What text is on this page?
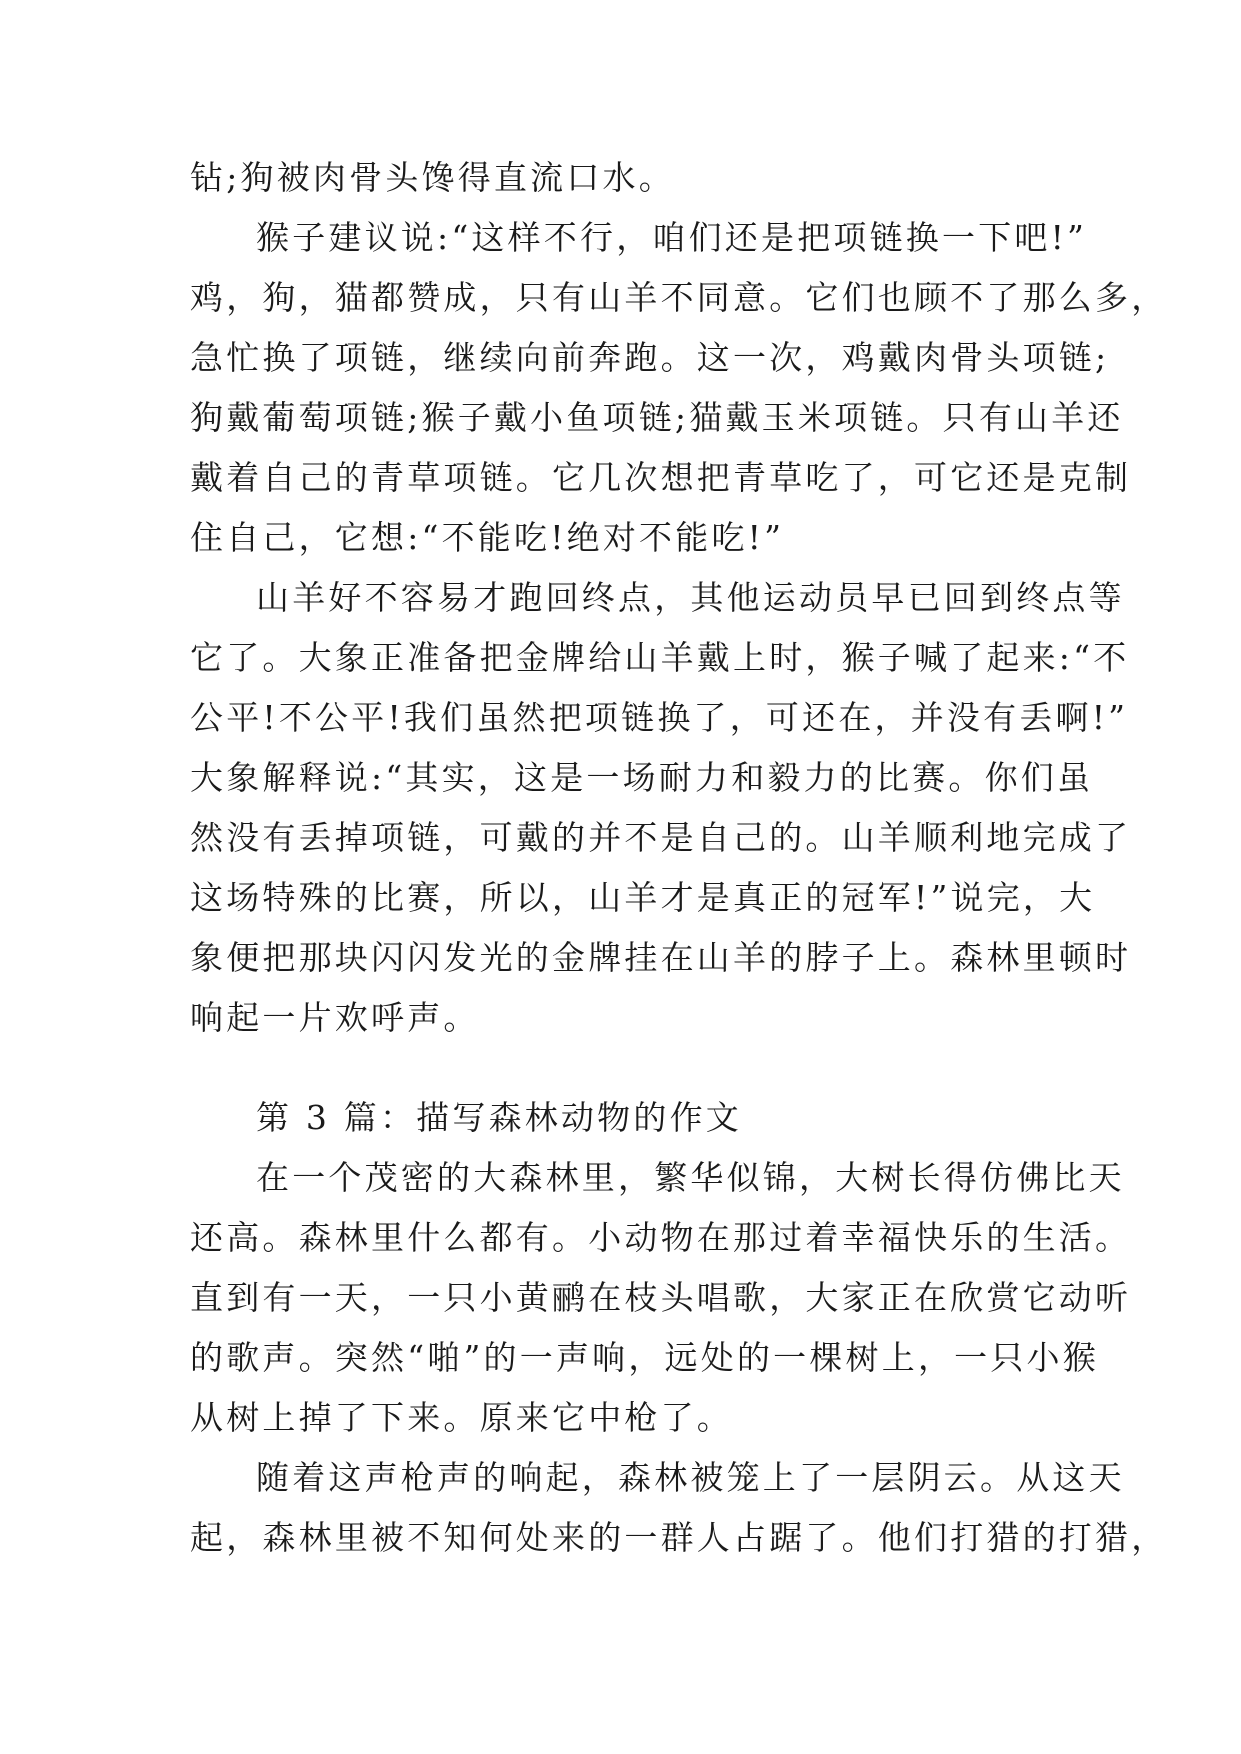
钻;狗被肉骨头馋得直流口水。
猴子建议说:“这样不行，咱们还是把项链换一下吧!”
鸡，狗，猫都赞成，只有山羊不同意。它们也顾不了那么多，
急忙换了项链，继续向前奔跑。这一次，鸡戴肉骨头项链;
狗戴葡萄项链;猴子戴小鱼项链;猫戴玉米项链。只有山羊还
戴着自己的青草项链。它几次想把青草吃了，可它还是克制
住自己，它想:“不能吃!绝对不能吃!”
山羊好不容易才跑回终点，其他运动员早已回到终点等
它了。大象正准备把金牌给山羊戴上时，猴子喊了起来:“不
公平!不公平!我们虽然把项链换了，可还在，并没有丢啊!”
大象解释说:“其实，这是一场耐力和毅力的比赛。你们虽
然没有丢掉项链，可戴的并不是自己的。山羊顺利地完成了
这场特殊的比赛，所以，山羊才是真正的冠军!”说完，大
象便把那块闪闪发光的金牌挂在山羊的脖子上。森林里顿时
响起一片欢呼声。
第 3 篇：描写森林动物的作文
在一个茂密的大森林里，繁华似锦，大树长得仿佛比天
还高。森林里什么都有。小动物在那过着幸福快乐的生活。
直到有一天，一只小黄鹂在枝头唱歌，大家正在欣赏它动听
的歌声。突然“啪”的一声响，远处的一棵树上，一只小猴
从树上掉了下来。原来它中枪了。
随着这声枪声的响起，森林被笼上了一层阴云。从这天
起，森林里被不知何处来的一群人占踞了。他们打猎的打猎，
